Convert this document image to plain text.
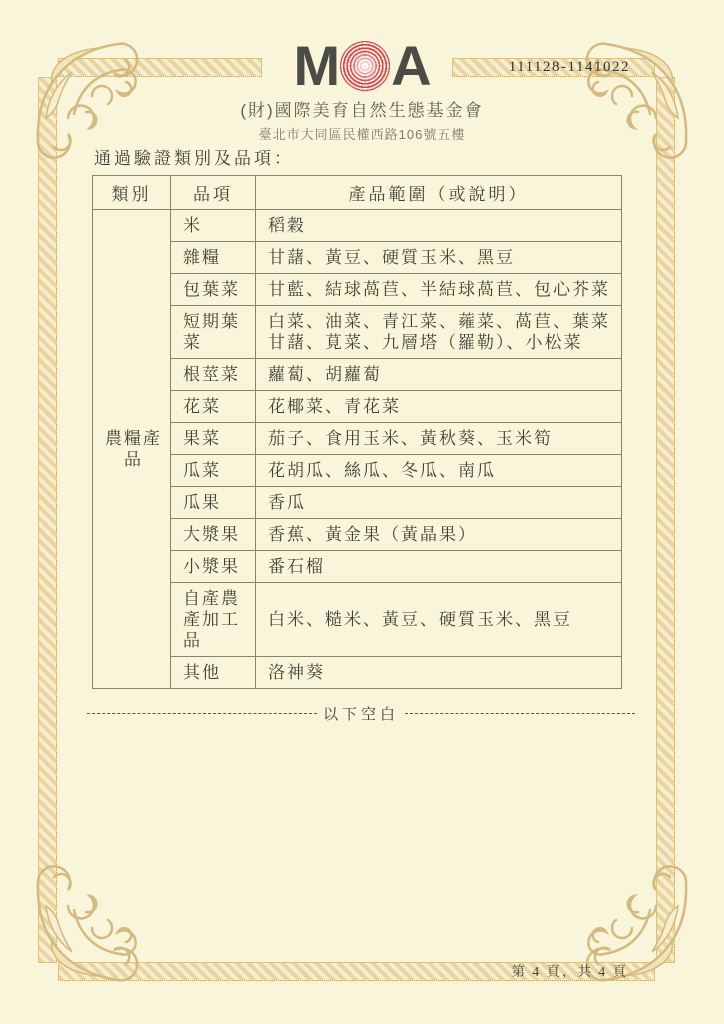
M A
(財)國際美育自然生態基金會
臺北市大同區民權西路106號五樓
111128-1141022

通過驗證類別及品項：

類別	品項	產品範圍（或說明）
農糧產品	米	稻穀
	雜糧	甘藷、黃豆、硬質玉米、黑豆
	包葉菜	甘藍、結球萵苣、半結球萵苣、包心芥菜
	短期葉菜	白菜、油菜、青江菜、蕹菜、萵苣、葉菜甘藷、莧菜、九層塔（羅勒）、小松菜
	根莖菜	蘿蔔、胡蘿蔔
	花菜	花椰菜、青花菜
	果菜	茄子、食用玉米、黃秋葵、玉米筍
	瓜菜	花胡瓜、絲瓜、冬瓜、南瓜
	瓜果	香瓜
	大漿果	香蕉、黃金果（黃晶果）
	小漿果	番石榴
	自產農產加工品	白米、糙米、黃豆、硬質玉米、黑豆
	其他	洛神葵
以下空白
第 4 頁，共 4 頁
